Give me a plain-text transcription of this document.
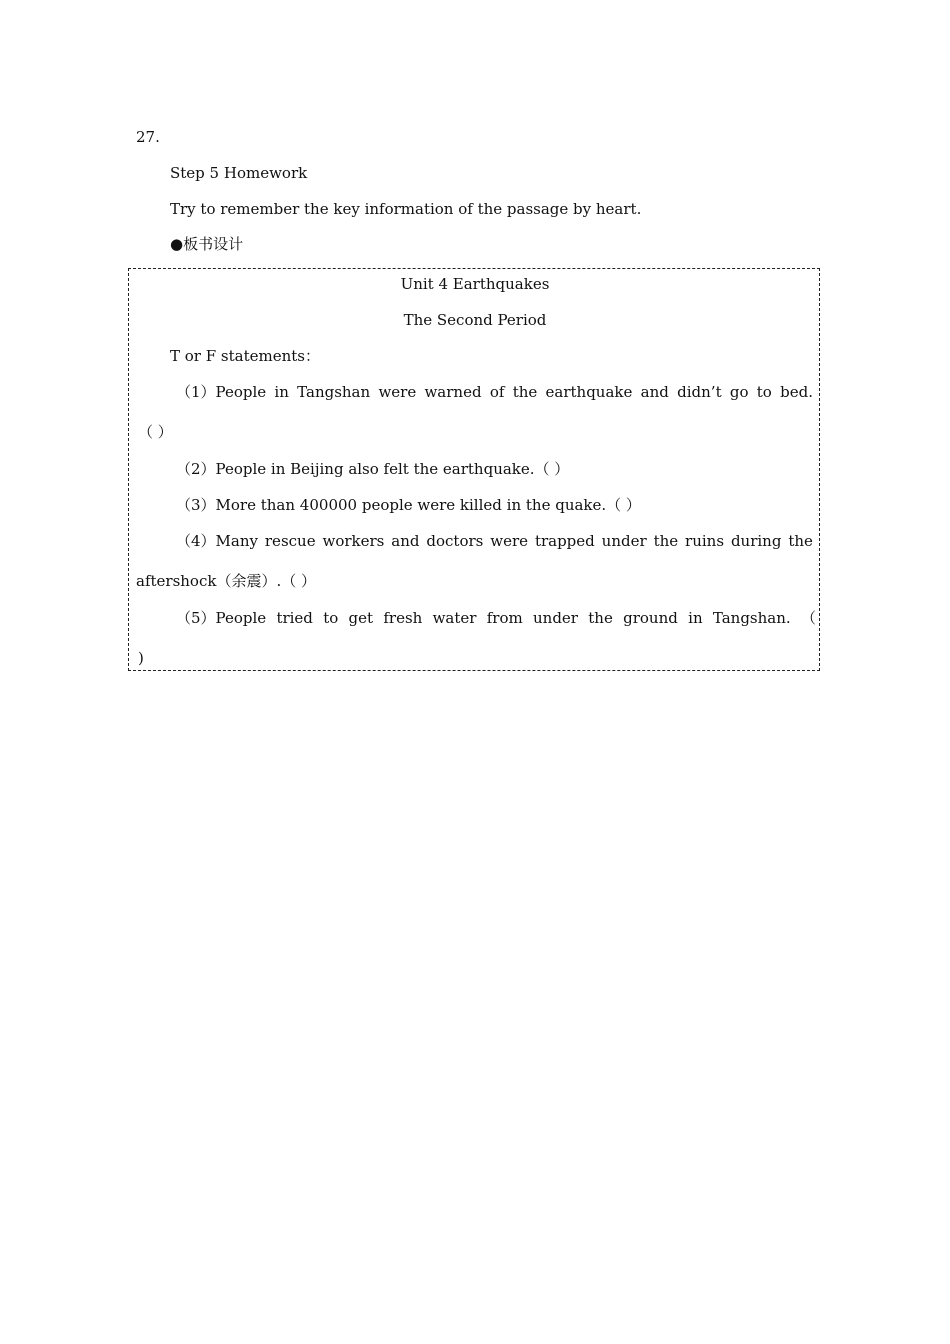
27.
Step 5 Homework
Try to remember the key information of the passage by heart.
●板书设计
Unit 4 Earthquakes
The Second Period
T or F statements：
（1）People in Tangshan were warned of the earthquake and didn’t go to bed.
（ ）
（2）People in Beijing also felt the earthquake.（ ）
（3）More than 400000 people were killed in the quake.（ ）
（4）Many rescue workers and doctors were trapped under the ruins during the
aftershock（余震）.（ ）
（5）People tried to get fresh water from under the ground in Tangshan. （
)
